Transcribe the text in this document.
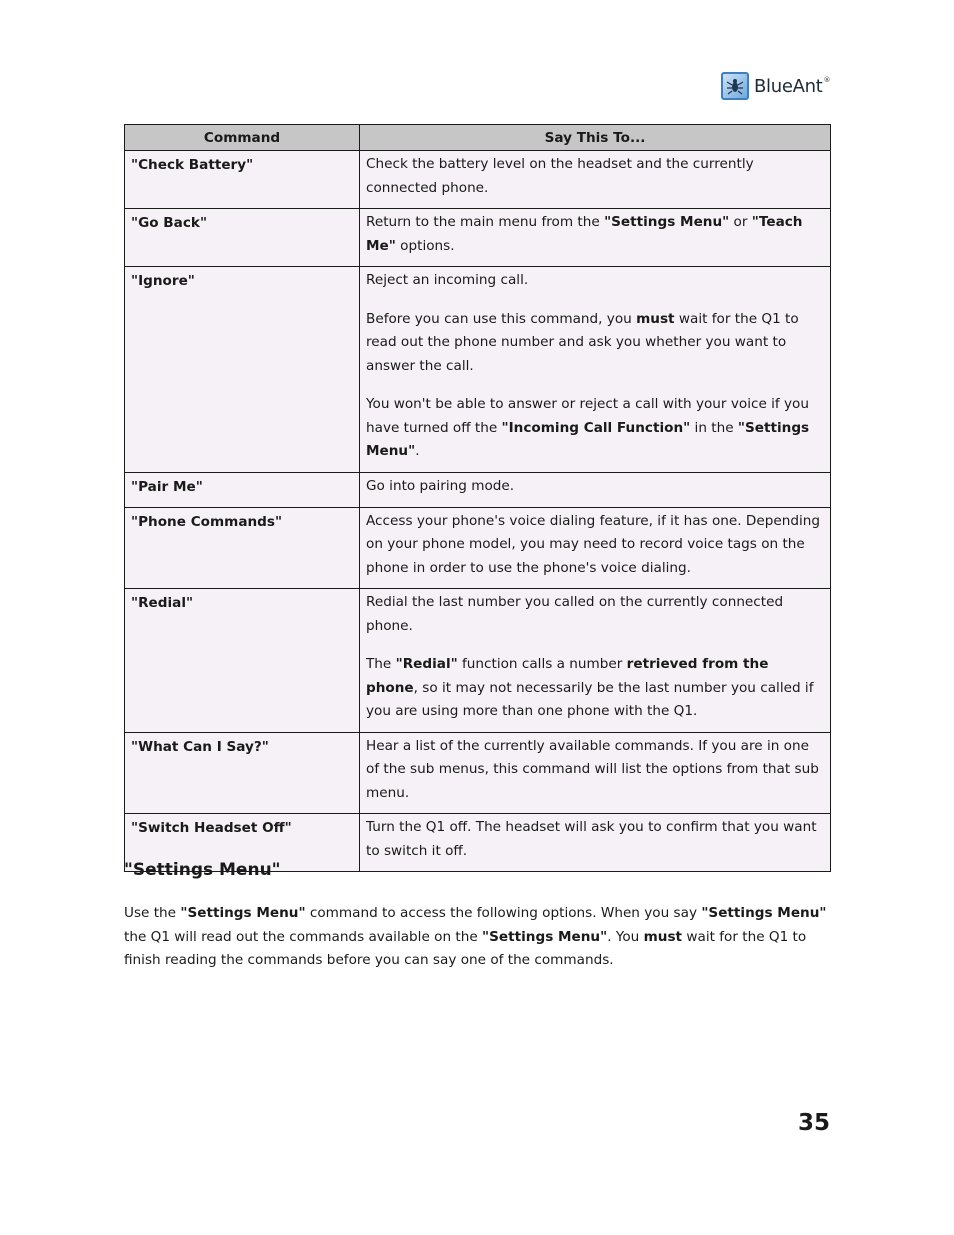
BlueAnt®
Command	Say This To...
"Check Battery"	Check the battery level on the headset and the currently connected phone.

"Go Back"	Return to the main menu from the "Settings Menu" or "Teach Me" options.

"Ignore"	Reject an incoming call.

Before you can use this command, you must wait for the Q1 to read out the phone number and ask you whether you want to answer the call.

You won't be able to answer or reject a call with your voice if you have turned off the "Incoming Call Function" in the "Settings Menu".

"Pair Me"	Go into pairing mode.

"Phone Commands"	Access your phone's voice dialing feature, if it has one. Depending on your phone model, you may need to record voice tags on the phone in order to use the phone's voice dialing.

"Redial"	Redial the last number you called on the currently connected phone.

The "Redial" function calls a number retrieved from the phone, so it may not necessarily be the last number you called if you are using more than one phone with the Q1.

"What Can I Say?"	Hear a list of the currently available commands. If you are in one of the sub menus, this command will list the options from that sub menu.

"Switch Headset Off"	Turn the Q1 off. The headset will ask you to confirm that you want to switch it off.

"Settings Menu"

Use the "Settings Menu" command to access the following options. When you say "Settings Menu" the Q1 will read out the commands available on the "Settings Menu". You must wait for the Q1 to finish reading the commands before you can say one of the commands.

35
